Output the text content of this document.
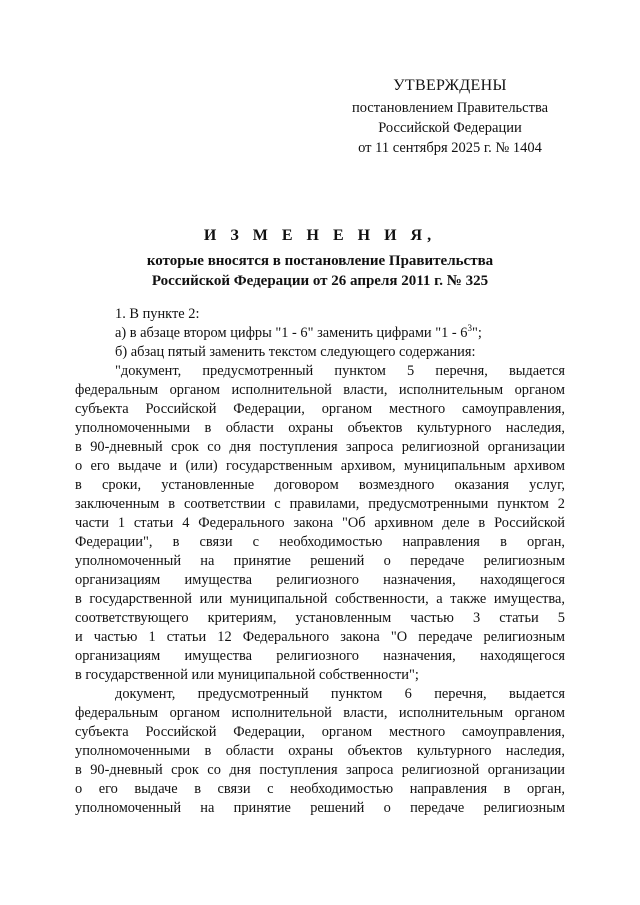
УТВЕРЖДЕНЫ
постановлением Правительства
Российской Федерации
от 11 сентября 2025 г. № 1404
И З М Е Н Е Н И Я,
которые вносятся в постановление Правительства
Российской Федерации от 26 апреля 2011 г. № 325

1. В пункте 2:

а) в абзаце втором цифры "1 - 6" заменить цифрами "$1 - 6^3$";

б) абзац пятый заменить текстом следующего содержания:

"документ, предусмотренный пунктом 5 перечня, выдается

федеральным органом исполнительной власти, исполнительным органом

субъекта Российской Федерации, органом местного самоуправления,

уполномоченными в области охраны объектов культурного наследия,

в 90-дневный срок со дня поступления запроса религиозной организации

о его выдаче и (или) государственным архивом, муниципальным архивом

в сроки, установленные договором возмездного оказания услуг,

заключенным в соответствии с правилами, предусмотренными пунктом 2

части 1 статьи 4 Федерального закона "Об архивном деле в Российской

Федерации", в связи с необходимостью направления в орган,

уполномоченный на принятие решений о передаче религиозным

организациям имущества религиозного назначения, находящегося

в государственной или муниципальной собственности, а также имущества,

соответствующего критериям, установленным частью 3 статьи 5

и частью 1 статьи 12 Федерального закона "О передаче религиозным

организациям имущества религиозного назначения, находящегося

в государственной или муниципальной собственности";

документ, предусмотренный пунктом 6 перечня, выдается

федеральным органом исполнительной власти, исполнительным органом

субъекта Российской Федерации, органом местного самоуправления,

уполномоченными в области охраны объектов культурного наследия,

в 90-дневный срок со дня поступления запроса религиозной организации

о его выдаче в связи с необходимостью направления в орган,

уполномоченный на принятие решений о передаче религиозным
